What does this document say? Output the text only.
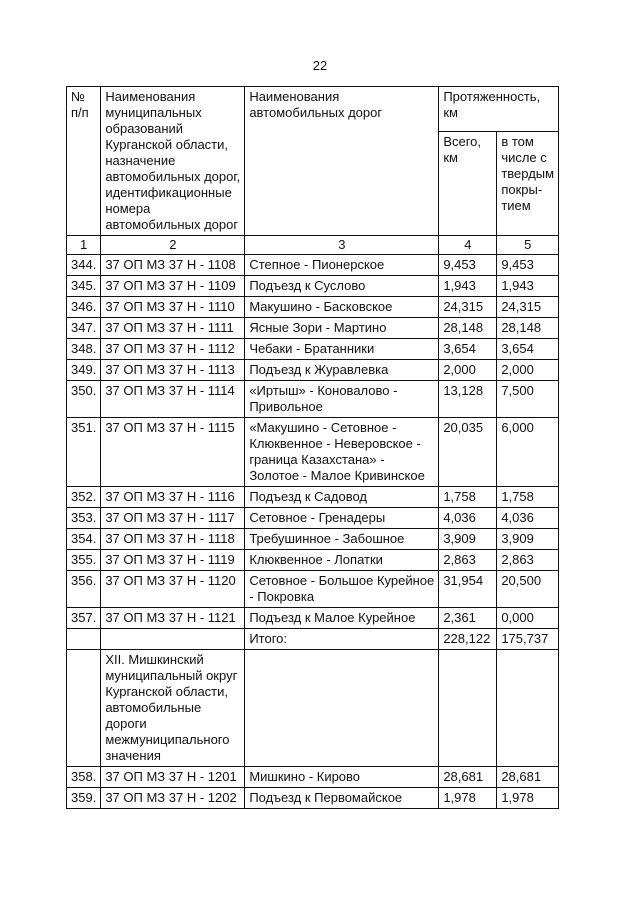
22
№ п/п	Наименования муниципальных образований Курганской области, назначение автомобильных дорог, идентификационные номера автомобильных дорог	Наименования автомобильных дорог	Протяженность, км	
			Всего, км	в том числе с твердым покры-тием
1	2	3	4	5
344.	37 ОП МЗ 37 Н - 1108	Степное - Пионерское	9,453	9,453
345.	37 ОП МЗ 37 Н - 1109	Подъезд к Суслово	1,943	1,943
346.	37 ОП МЗ 37 Н - 1110	Макушино - Басковское	24,315	24,315
347.	37 ОП МЗ 37 Н - 1111	Ясные Зори - Мартино	28,148	28,148
348.	37 ОП МЗ 37 Н - 1112	Чебаки - Братанники	3,654	3,654
349.	37 ОП МЗ 37 Н - 1113	Подъезд к Журавлевка	2,000	2,000
350.	37 ОП МЗ 37 Н - 1114	«Иртыш» - Коновалово - Привольное	13,128	7,500
351.	37 ОП МЗ 37 Н - 1115	«Макушино - Сетовное - Клюквенное - Неверовское - граница Казахстана» - Золотое - Малое Кривинское	20,035	6,000
352.	37 ОП МЗ 37 Н - 1116	Подъезд к Садовод	1,758	1,758
353.	37 ОП МЗ 37 Н - 1117	Сетовное - Гренадеры	4,036	4,036
354.	37 ОП МЗ 37 Н - 1118	Требушинное - Забошное	3,909	3,909
355.	37 ОП МЗ 37 Н - 1119	Клюквенное - Лопатки	2,863	2,863
356.	37 ОП МЗ 37 Н - 1120	Сетовное - Большое Курейное - Покровка	31,954	20,500
357.	37 ОП МЗ 37 Н - 1121	Подъезд к Малое Курейное	2,361	0,000
		Итого:	228,122	175,737
	XII. Мишкинский муниципальный округ Курганской области, автомобильные дороги межмуниципального значения			
358.	37 ОП МЗ 37 Н - 1201	Мишкино - Кирово	28,681	28,681
359.	37 ОП МЗ 37 Н - 1202	Подъезд к Первомайское	1,978	1,978
